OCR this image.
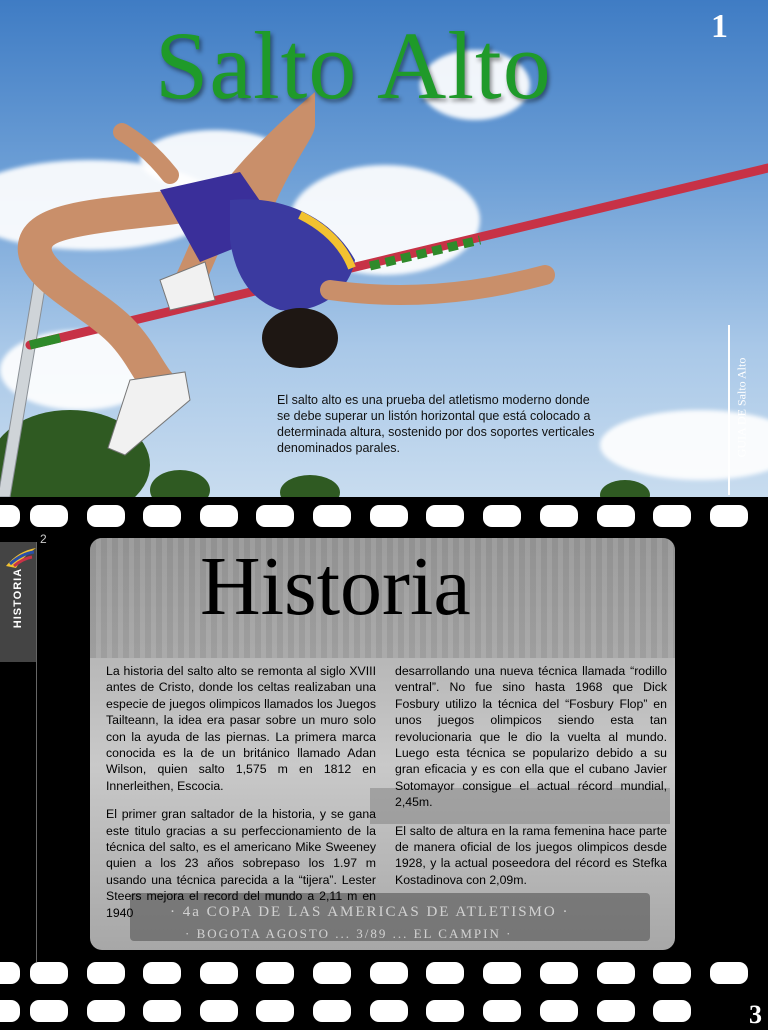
Salto Alto	1
GUIA DE Salto Alto
El salto alto es una prueba del atletismo moderno donde se debe superar un listón horizontal que está colocado a determinada altura, sostenido por dos soportes verticales denominados parales.
HISTORIA
2
· 4a COPA DE LAS AMERICAS DE ATLETISMO ·
· BOGOTA AGOSTO ... 3/89 ... EL CAMPIN ·
Historia

La historia del salto alto se remonta al siglo XVIII antes de Cristo, donde los celtas realizaban una especie de juegos olimpicos llamados los Juegos Tailteann, la idea era pasar sobre un muro solo con la ayuda de las piernas. La primera marca conocida es la de un británico llamado Adan Wilson, quien salto 1,575 m en 1812 en Innerleithen, Escocia.

El primer gran saltador de la historia, y se gana este titulo gracias a su perfeccionamiento de la técnica del salto, es el americano Mike Sweeney quien a los 23 años sobrepaso los 1.97 m usando una técnica parecida a la “tijera”. Lester Steers mejora el record del mundo a 2,11 m en 1940

desarrollando una nueva técnica llamada “rodillo ventral”. No fue sino hasta 1968 que Dick Fosbury utilizo la técnica del “Fosbury Flop” en unos juegos olimpicos siendo esta tan revolucionaria que le dio la vuelta al mundo. Luego esta técnica se popularizo debido a su gran eficacia y es con ella que el cubano Javier Sotomayor consigue el actual récord mundial, 2,45m.

El salto de altura en la rama femenina hace parte de manera oficial de los juegos olimpicos desde 1928, y la actual poseedora del récord es Stefka Kostadinova con 2,09m.

3
